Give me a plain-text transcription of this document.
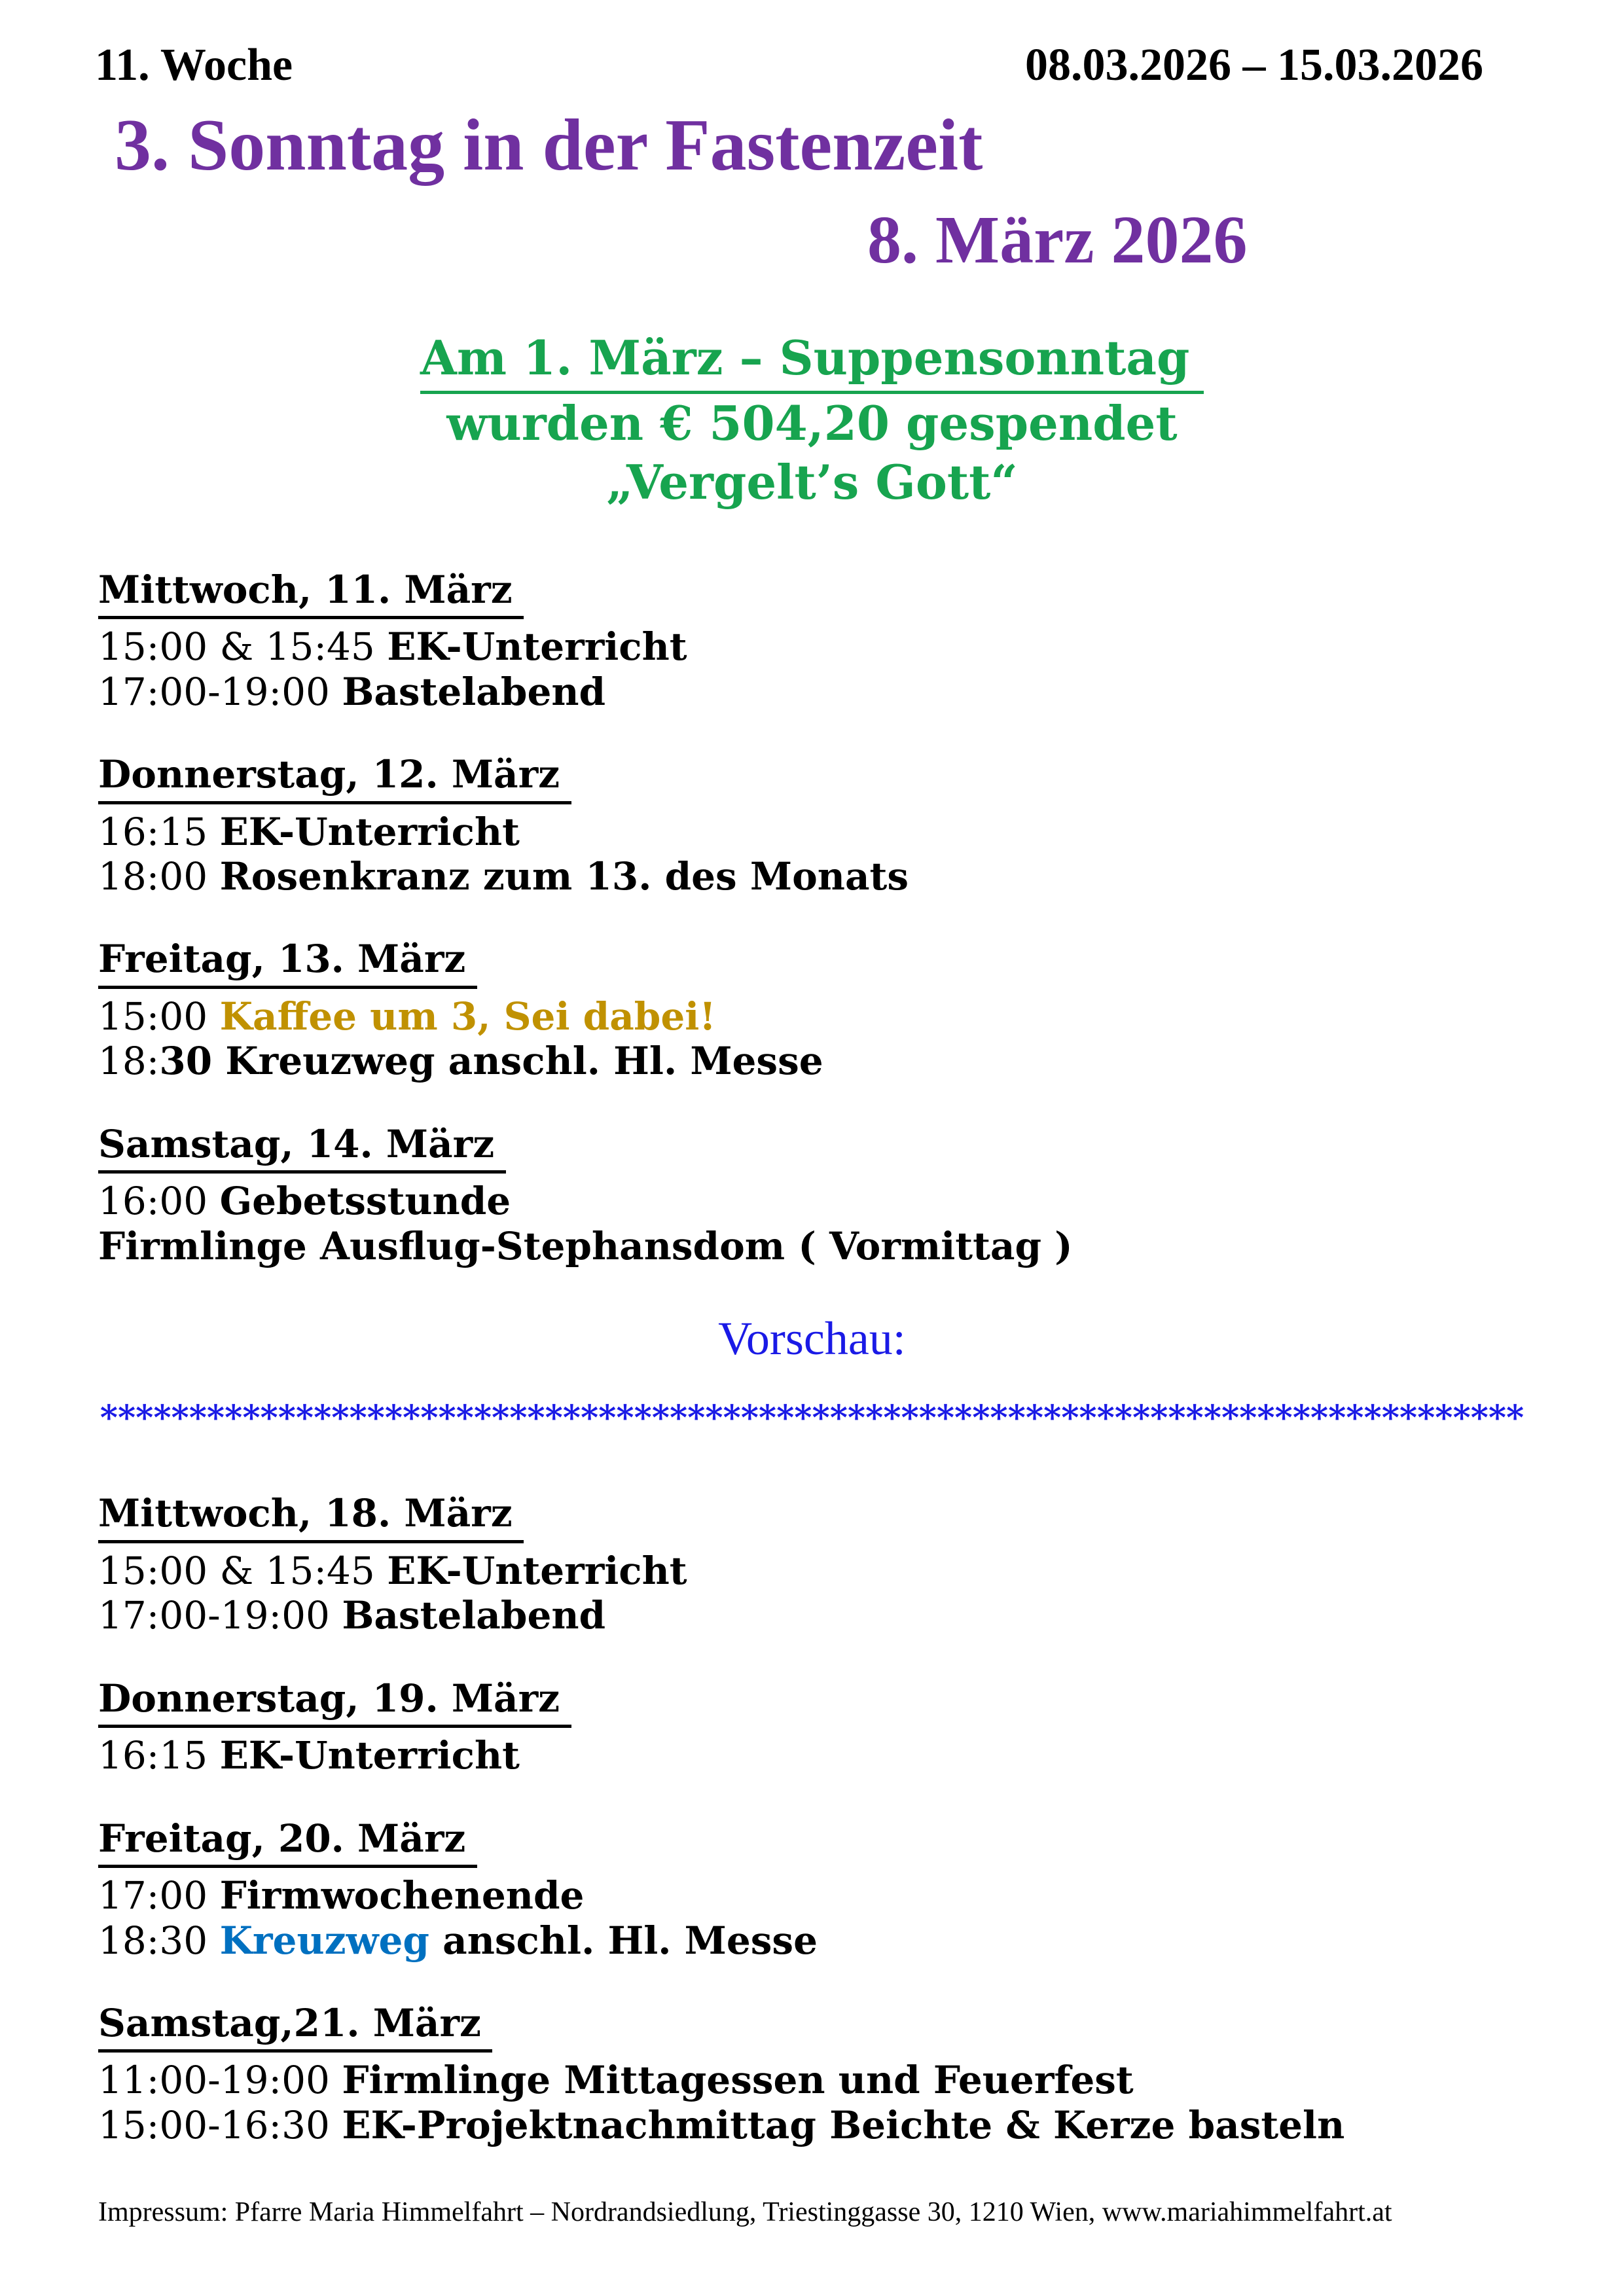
11. Woche	08.03.2026 – 15.03.2026
3. Sonntag in der Fastenzeit
8. März 2026

Am 1. März – Suppensonntag

wurden € 504,20 gespendet

„Vergelt’s Gott“

Mittwoch, 11. März

15:00 & 15:45 EK-Unterricht

17:00-19:00 Bastelabend

Donnerstag, 12. März

16:15 EK-Unterricht

18:00 Rosenkranz zum 13. des Monats

Freitag, 13. März

15:00 Kaffee um 3, Sei dabei!

18:30 Kreuzweg anschl. Hl. Messe

Samstag, 14. März

16:00 Gebetsstunde

Firmlinge Ausflug-Stephansdom ( Vormittag )

Vorschau:

********************************************************************************

Mittwoch, 18. März

15:00 & 15:45 EK-Unterricht

17:00-19:00 Bastelabend

Donnerstag, 19. März

16:15 EK-Unterricht

Freitag, 20. März

17:00 Firmwochenende

18:30 Kreuzweg anschl. Hl. Messe

Samstag,21. März

11:00-19:00 Firmlinge Mittagessen und Feuerfest

15:00-16:30 EK-Projektnachmittag Beichte & Kerze basteln

Impressum: Pfarre Maria Himmelfahrt – Nordrandsiedlung, Triestinggasse 30, 1210 Wien, www.mariahimmelfahrt.at
